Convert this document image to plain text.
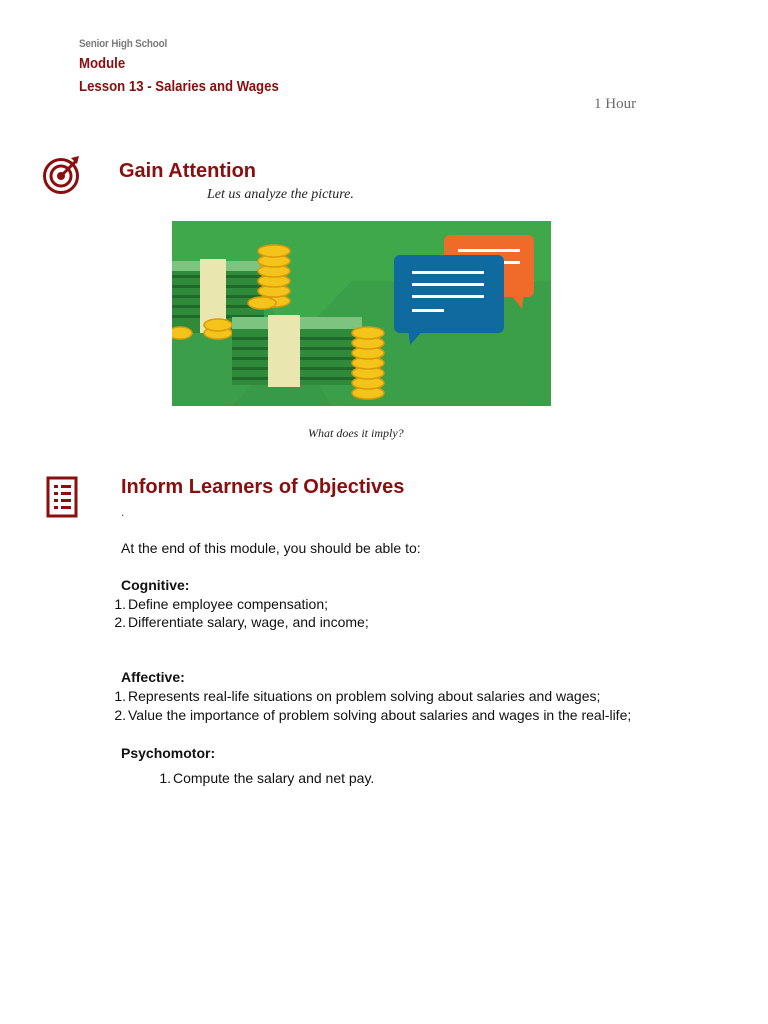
Senior High School
Module
Lesson 13 - Salaries and Wages
1 Hour
Gain Attention
Let us analyze the picture.
What does it imply?
Inform Learners of Objectives
.
At the end of this module, you should be able to:
Cognitive:
1. Define employee compensation;
2. Differentiate salary, wage, and income;
Affective:
1. Represents real-life situations on problem solving about salaries and wages;
2. Value the importance of problem solving about salaries and wages in the real-life;
Psychomotor:
1. Compute the salary and net pay.
